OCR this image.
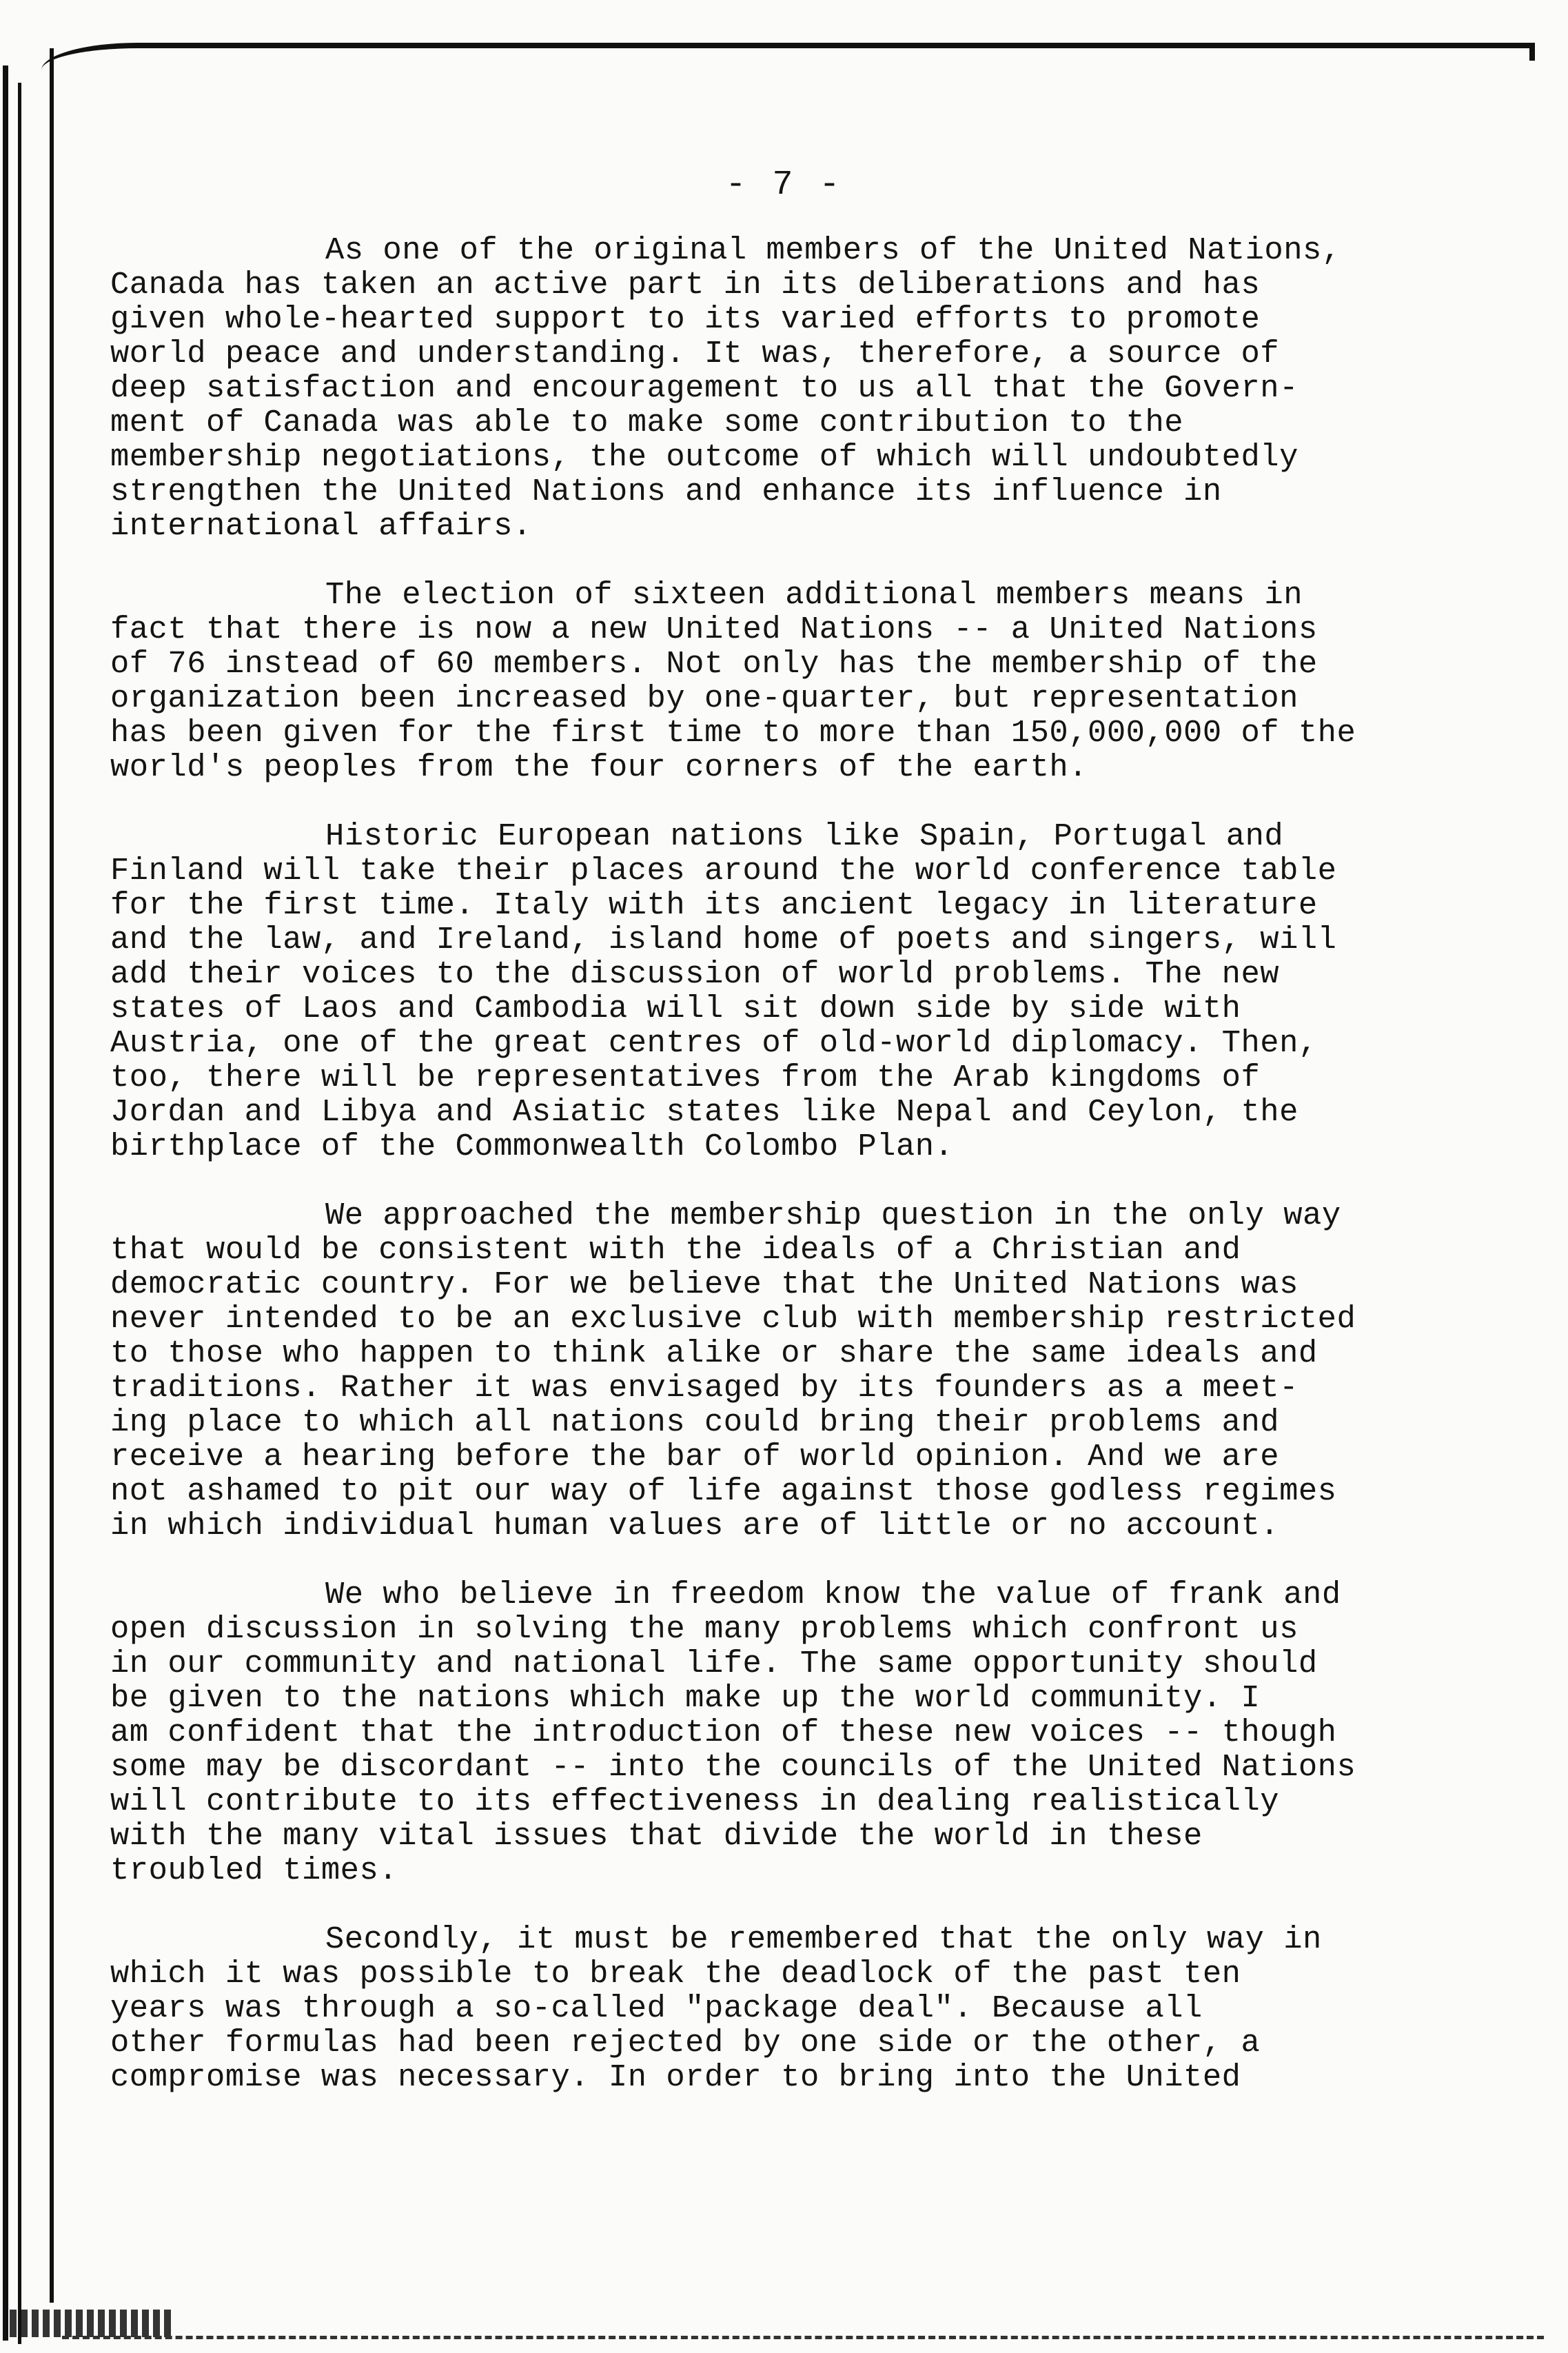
- 7 -
As one of the original members of the United Nations,
Canada has taken an active part in its deliberations and has
given whole-hearted support to its varied efforts to promote
world peace and understanding. It was, therefore, a source of
deep satisfaction and encouragement to us all that the Govern-
ment of Canada was able to make some contribution to the
membership negotiations, the outcome of which will undoubtedly
strengthen the United Nations and enhance its influence in
international affairs.
The election of sixteen additional members means in
fact that there is now a new United Nations -- a United Nations
of 76 instead of 60 members. Not only has the membership of the
organization been increased by one-quarter, but representation
has been given for the first time to more than 150,000,000 of the
world's peoples from the four corners of the earth.
Historic European nations like Spain, Portugal and
Finland will take their places around the world conference table
for the first time. Italy with its ancient legacy in literature
and the law, and Ireland, island home of poets and singers, will
add their voices to the discussion of world problems. The new
states of Laos and Cambodia will sit down side by side with
Austria, one of the great centres of old-world diplomacy. Then,
too, there will be representatives from the Arab kingdoms of
Jordan and Libya and Asiatic states like Nepal and Ceylon, the
birthplace of the Commonwealth Colombo Plan.
We approached the membership question in the only way
that would be consistent with the ideals of a Christian and
democratic country. For we believe that the United Nations was
never intended to be an exclusive club with membership restricted
to those who happen to think alike or share the same ideals and
traditions. Rather it was envisaged by its founders as a meet-
ing place to which all nations could bring their problems and
receive a hearing before the bar of world opinion. And we are
not ashamed to pit our way of life against those godless regimes
in which individual human values are of little or no account.
We who believe in freedom know the value of frank and
open discussion in solving the many problems which confront us
in our community and national life. The same opportunity should
be given to the nations which make up the world community. I
am confident that the introduction of these new voices -- though
some may be discordant -- into the councils of the United Nations
will contribute to its effectiveness in dealing realistically
with the many vital issues that divide the world in these
troubled times.
Secondly, it must be remembered that the only way in
which it was possible to break the deadlock of the past ten
years was through a so-called "package deal". Because all
other formulas had been rejected by one side or the other, a
compromise was necessary. In order to bring into the United
